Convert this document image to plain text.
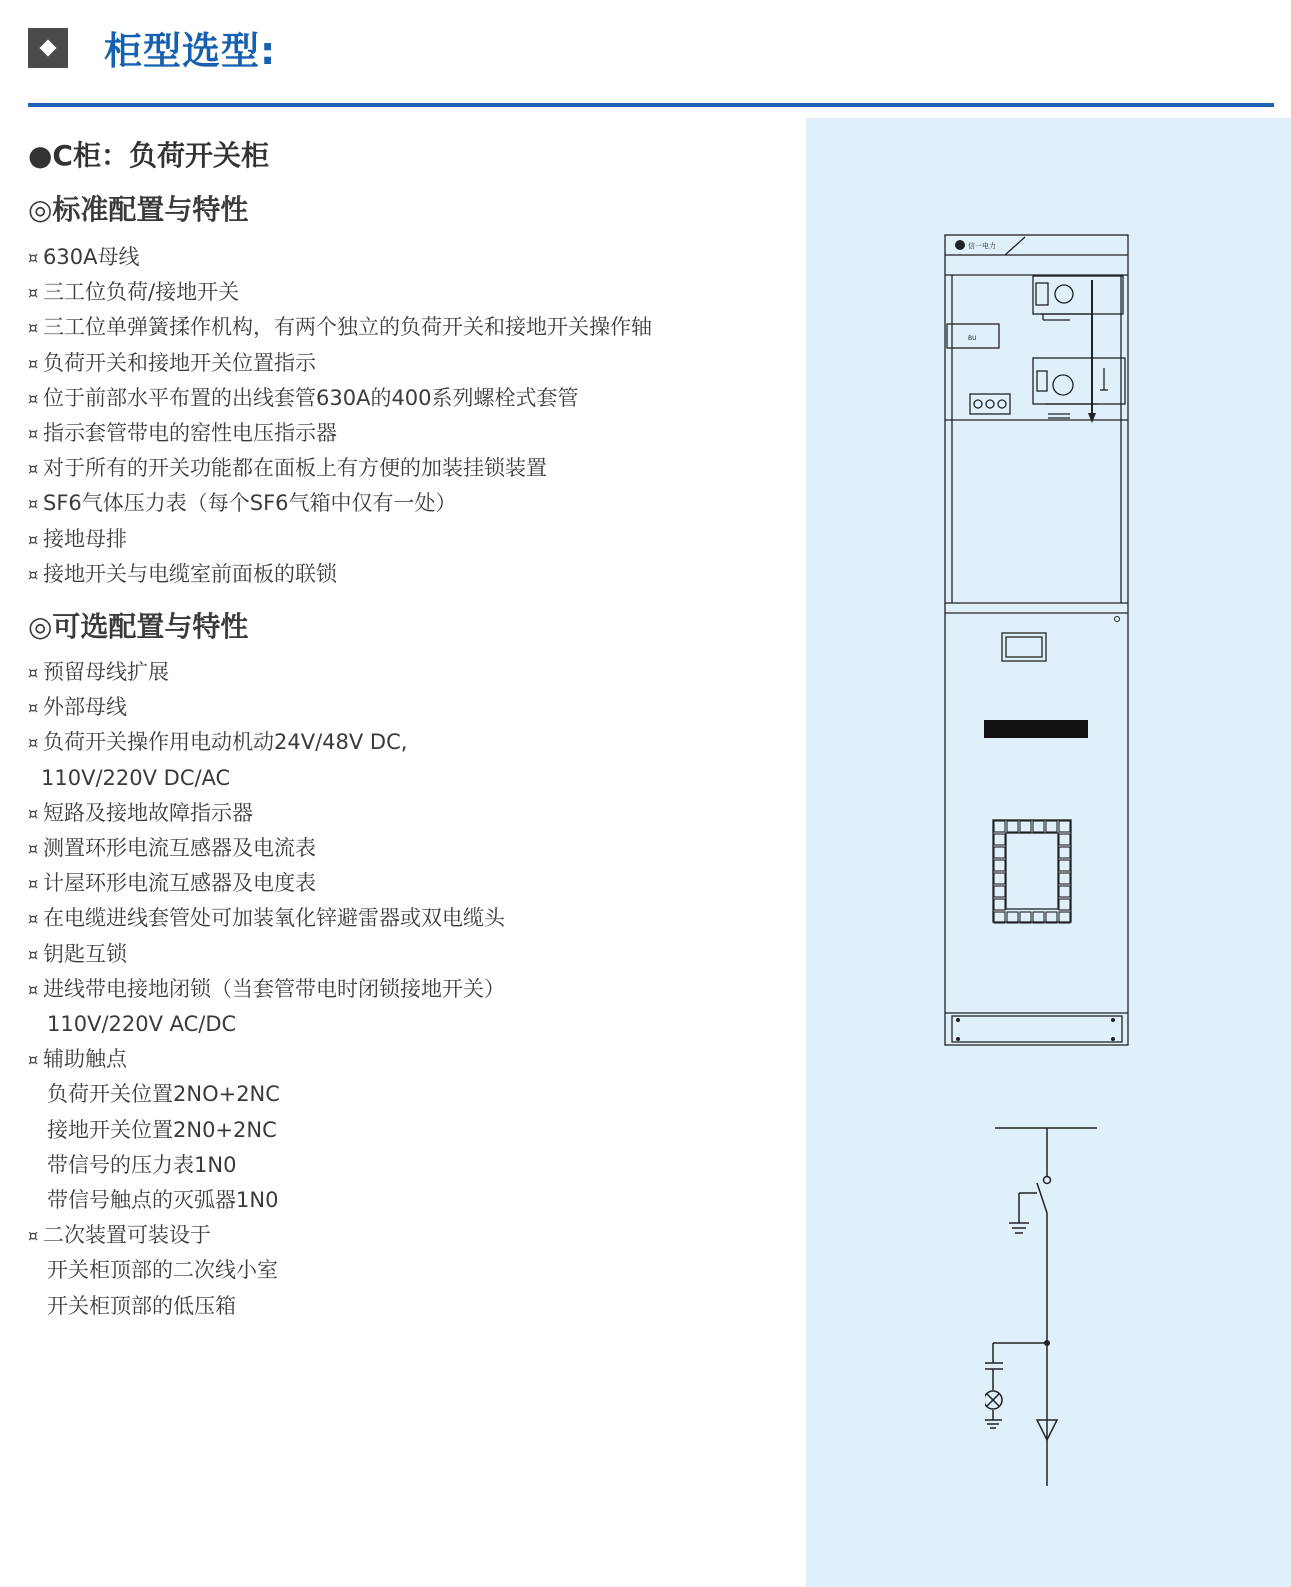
柜型选型:
●C柜：负荷开关柜
◎标准配置与特性
¤ 630A母线
¤ 三工位负荷/接地开关
¤ 三工位单弹簧揉作机构，有两个独立的负荷开关和接地开关操作轴
¤ 负荷开关和接地开关位置指示
¤ 位于前部水平布置的出线套管630A的400系列螺栓式套管
¤ 指示套管带电的窑性电压指示器
¤ 对于所有的开关功能都在面板上有方便的加装挂锁装置
¤ SF6气体压力表（每个SF6气箱中仅有一处）
¤ 接地母排
¤ 接地开关与电缆室前面板的联锁
◎可选配置与特性
¤ 预留母线扩展
¤ 外部母线
¤ 负荷开关操作用电动机动24V/48V DC,
110V/220V DC/AC
¤ 短路及接地故障指示器
¤ 测置环形电流互感器及电流表
¤ 计屋环形电流互感器及电度表
¤ 在电缆进线套管处可加装氧化锌避雷器或双电缆头
¤ 钥匙互锁
¤ 进线带电接地闭锁（当套管带电时闭锁接地开关）
110V/220V AC/DC
¤ 辅助触点
负荷开关位置2NO+2NC
接地开关位置2N0+2NC
带信号的压力表1N0
带信号触点的灭弧器1N0
¤ 二次装置可装设于
开关柜顶部的二次线小室
开关柜顶部的低压箱
信一电力
BU
